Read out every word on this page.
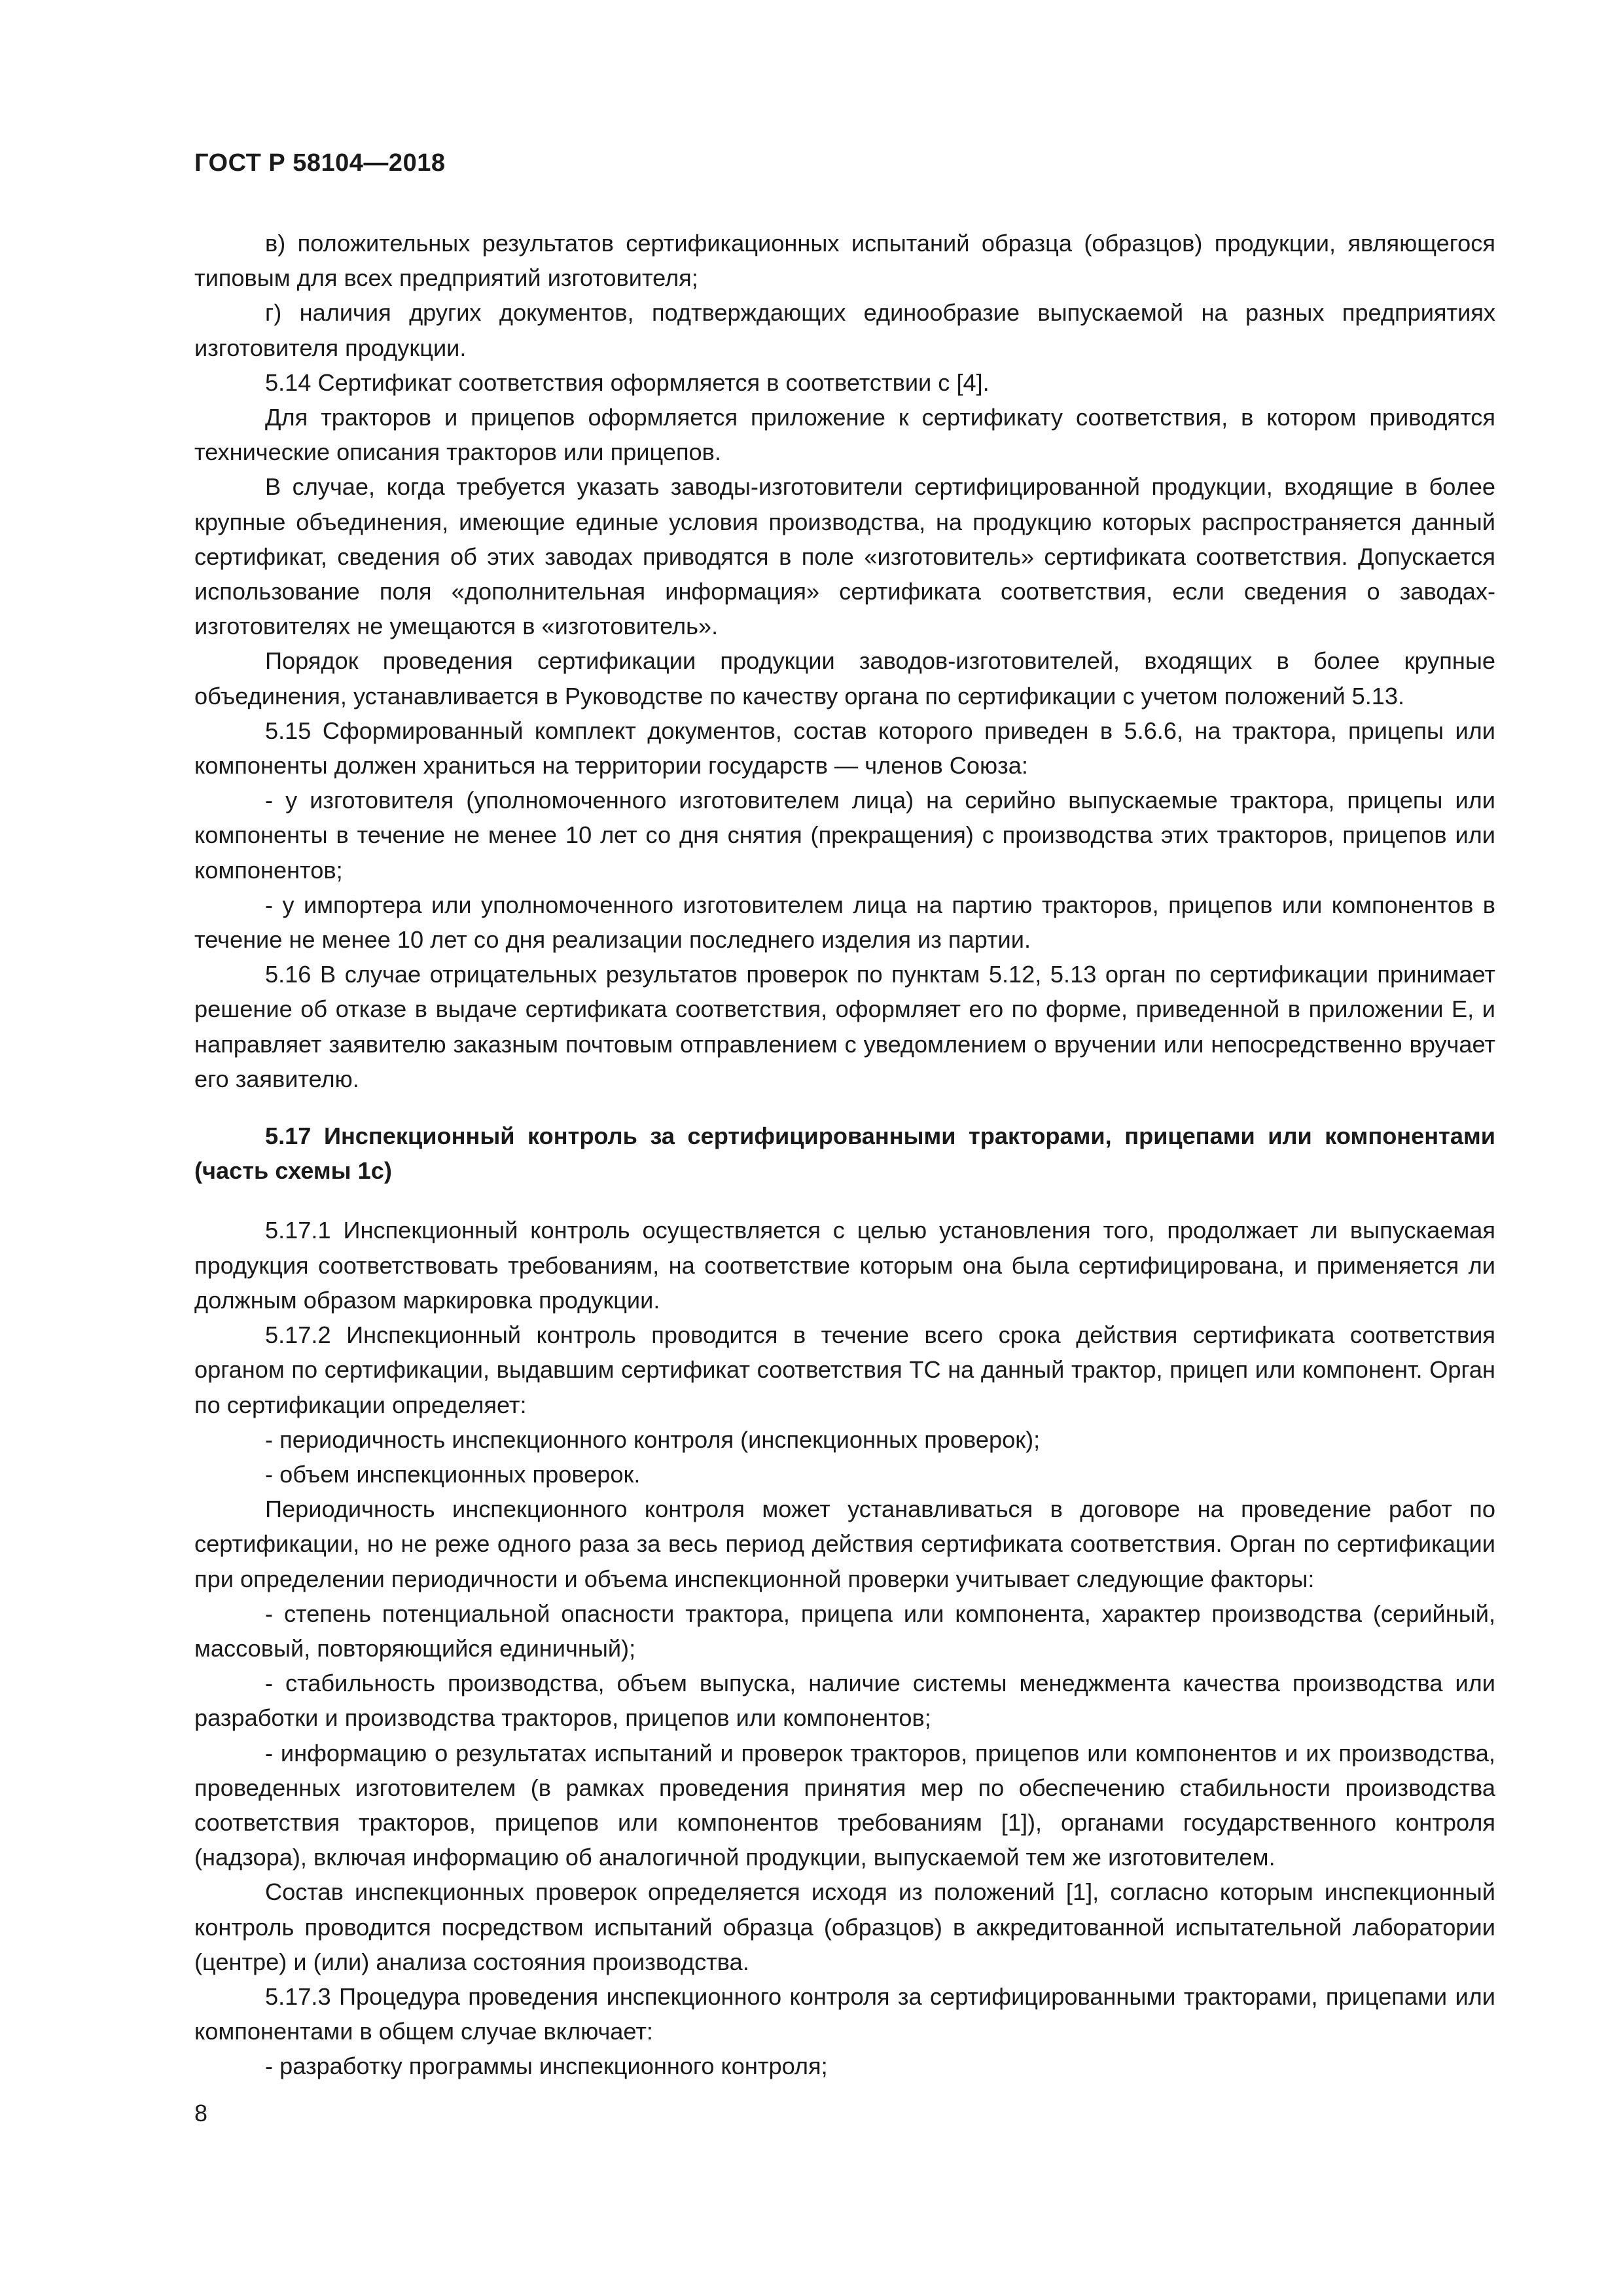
ГОСТ Р 58104—2018

в) положительных результатов сертификационных испытаний образца (образцов) продукции, являющегося типовым для всех предприятий изготовителя;

г) наличия других документов, подтверждающих единообразие выпускаемой на разных предприятиях изготовителя продукции.

5.14 Сертификат соответствия оформляется в соответствии с [4].

Для тракторов и прицепов оформляется приложение к сертификату соответствия, в котором приводятся технические описания тракторов или прицепов.

В случае, когда требуется указать заводы-изготовители сертифицированной продукции, входящие в более крупные объединения, имеющие единые условия производства, на продукцию которых распространяется данный сертификат, сведения об этих заводах приводятся в поле «изготовитель» сертификата соответствия. Допускается использование поля «дополнительная информация» сертификата соответствия, если сведения о заводах-изготовителях не умещаются в «изготовитель».

Порядок проведения сертификации продукции заводов-изготовителей, входящих в более крупные объединения, устанавливается в Руководстве по качеству органа по сертификации с учетом положений 5.13.

5.15 Сформированный комплект документов, состав которого приведен в 5.6.6, на трактора, прицепы или компоненты должен храниться на территории государств — членов Союза:

- у изготовителя (уполномоченного изготовителем лица) на серийно выпускаемые трактора, прицепы или компоненты в течение не менее 10 лет со дня снятия (прекращения) с производства этих тракторов, прицепов или компонентов;

- у импортера или уполномоченного изготовителем лица на партию тракторов, прицепов или компонентов в течение не менее 10 лет со дня реализации последнего изделия из партии.

5.16 В случае отрицательных результатов проверок по пунктам 5.12, 5.13 орган по сертификации принимает решение об отказе в выдаче сертификата соответствия, оформляет его по форме, приведенной в приложении Е, и направляет заявителю заказным почтовым отправлением с уведомлением о вручении или непосредственно вручает его заявителю.

5.17 Инспекционный контроль за сертифицированными тракторами, прицепами или компонентами (часть схемы 1с)

5.17.1 Инспекционный контроль осуществляется с целью установления того, продолжает ли выпускаемая продукция соответствовать требованиям, на соответствие которым она была сертифицирована, и применяется ли должным образом маркировка продукции.

5.17.2 Инспекционный контроль проводится в течение всего срока действия сертификата соответствия органом по сертификации, выдавшим сертификат соответствия ТС на данный трактор, прицеп или компонент. Орган по сертификации определяет:

- периодичность инспекционного контроля (инспекционных проверок);

- объем инспекционных проверок.

Периодичность инспекционного контроля может устанавливаться в договоре на проведение работ по сертификации, но не реже одного раза за весь период действия сертификата соответствия. Орган по сертификации при определении периодичности и объема инспекционной проверки учитывает следующие факторы:

- степень потенциальной опасности трактора, прицепа или компонента, характер производства (серийный, массовый, повторяющийся единичный);

- стабильность производства, объем выпуска, наличие системы менеджмента качества производства или разработки и производства тракторов, прицепов или компонентов;

- информацию о результатах испытаний и проверок тракторов, прицепов или компонентов и их производства, проведенных изготовителем (в рамках проведения принятия мер по обеспечению стабильности производства соответствия тракторов, прицепов или компонентов требованиям [1]), органами государственного контроля (надзора), включая информацию об аналогичной продукции, выпускаемой тем же изготовителем.

Состав инспекционных проверок определяется исходя из положений [1], согласно которым инспекционный контроль проводится посредством испытаний образца (образцов) в аккредитованной испытательной лаборатории (центре) и (или) анализа состояния производства.

5.17.3 Процедура проведения инспекционного контроля за сертифицированными тракторами, прицепами или компонентами в общем случае включает:

- разработку программы инспекционного контроля;

8
